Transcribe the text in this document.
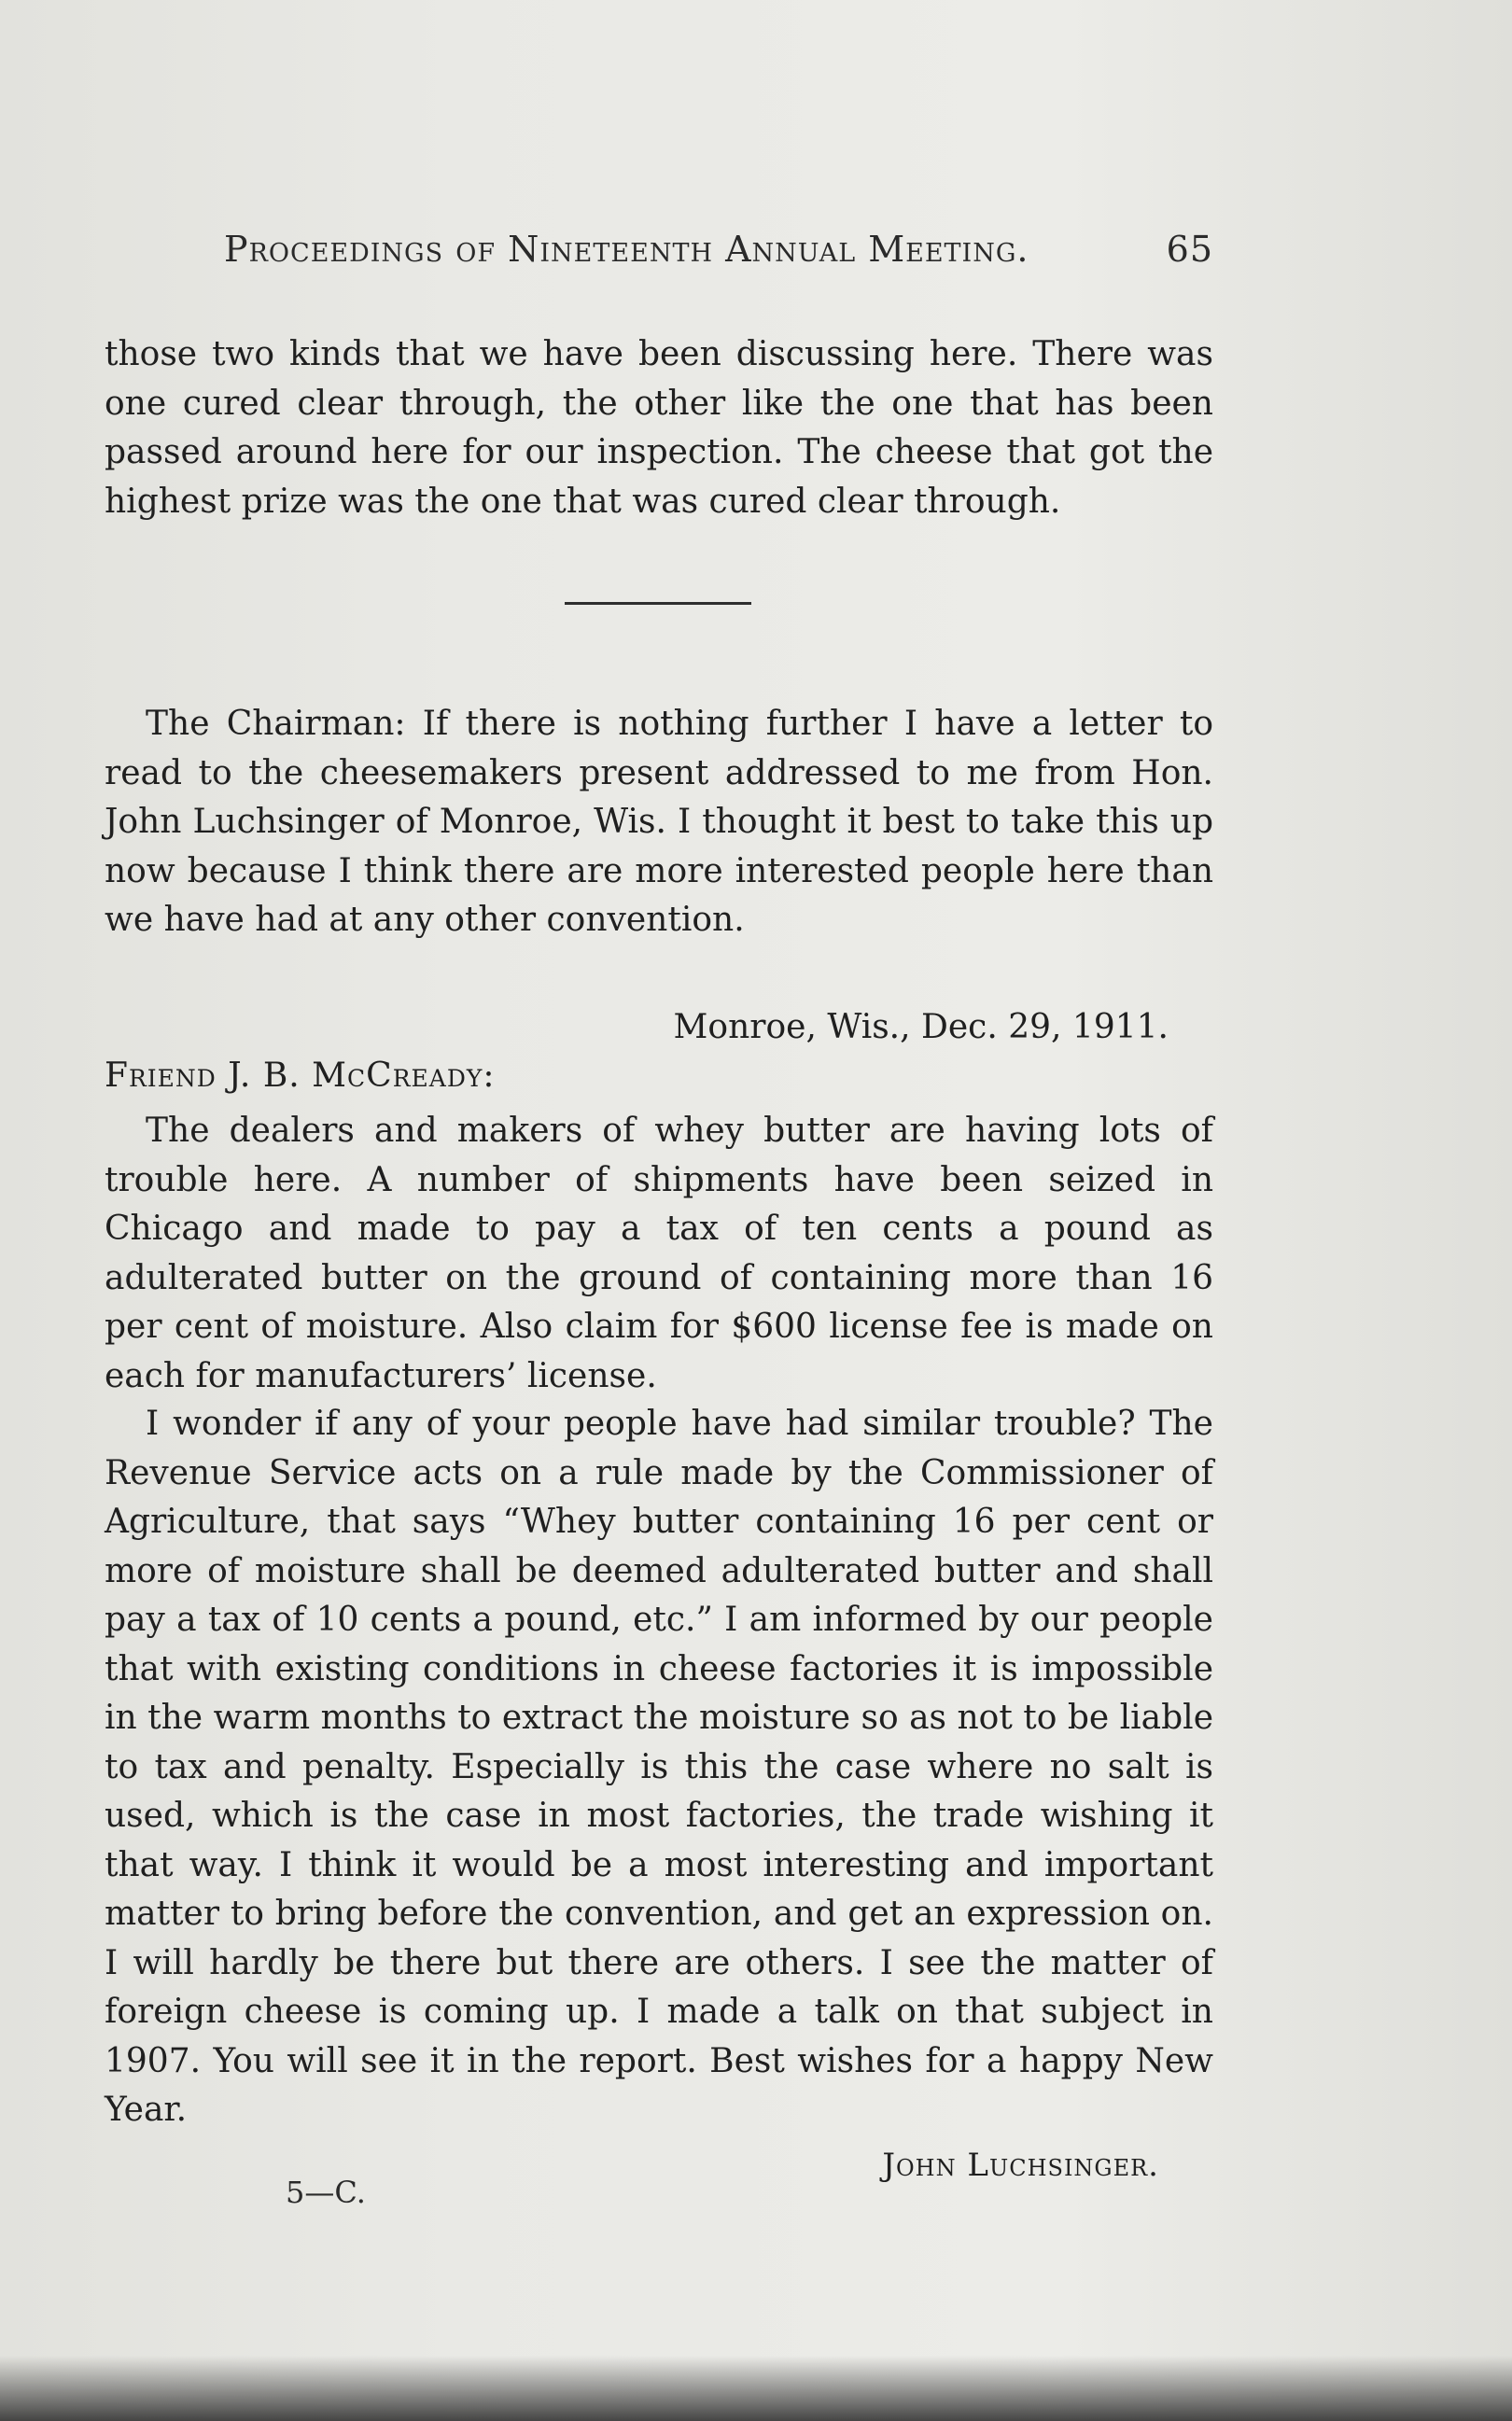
Proceedings of Nineteenth Annual Meeting.	65
those two kinds that we have been discussing here. There was one cured clear through, the other like the one that has been passed around here for our inspection. The cheese that got the highest prize was the one that was cured clear through.
The Chairman: If there is nothing further I have a letter to read to the cheesemakers present addressed to me from Hon. John Luchsinger of Monroe, Wis. I thought it best to take this up now because I think there are more interested people here than we have had at any other convention.
Monroe, Wis., Dec. 29, 1911.
Friend J. B. McCready:
The dealers and makers of whey butter are having lots of trouble here. A number of shipments have been seized in Chicago and made to pay a tax of ten cents a pound as adulterated butter on the ground of containing more than 16 per cent of moisture. Also claim for $600 license fee is made on each for manufacturers’ license.
I wonder if any of your people have had similar trouble? The Revenue Service acts on a rule made by the Commissioner of Agriculture, that says “Whey butter containing 16 per cent or more of moisture shall be deemed adulterated butter and shall pay a tax of 10 cents a pound, etc.” I am informed by our people that with existing conditions in cheese factories it is impossible in the warm months to extract the moisture so as not to be liable to tax and penalty. Especially is this the case where no salt is used, which is the case in most factories, the trade wishing it that way. I think it would be a most interesting and important matter to bring before the convention, and get an expression on. I will hardly be there but there are others. I see the matter of foreign cheese is coming up. I made a talk on that subject in 1907. You will see it in the report. Best wishes for a happy New Year.
John Luchsinger.
5—C.
